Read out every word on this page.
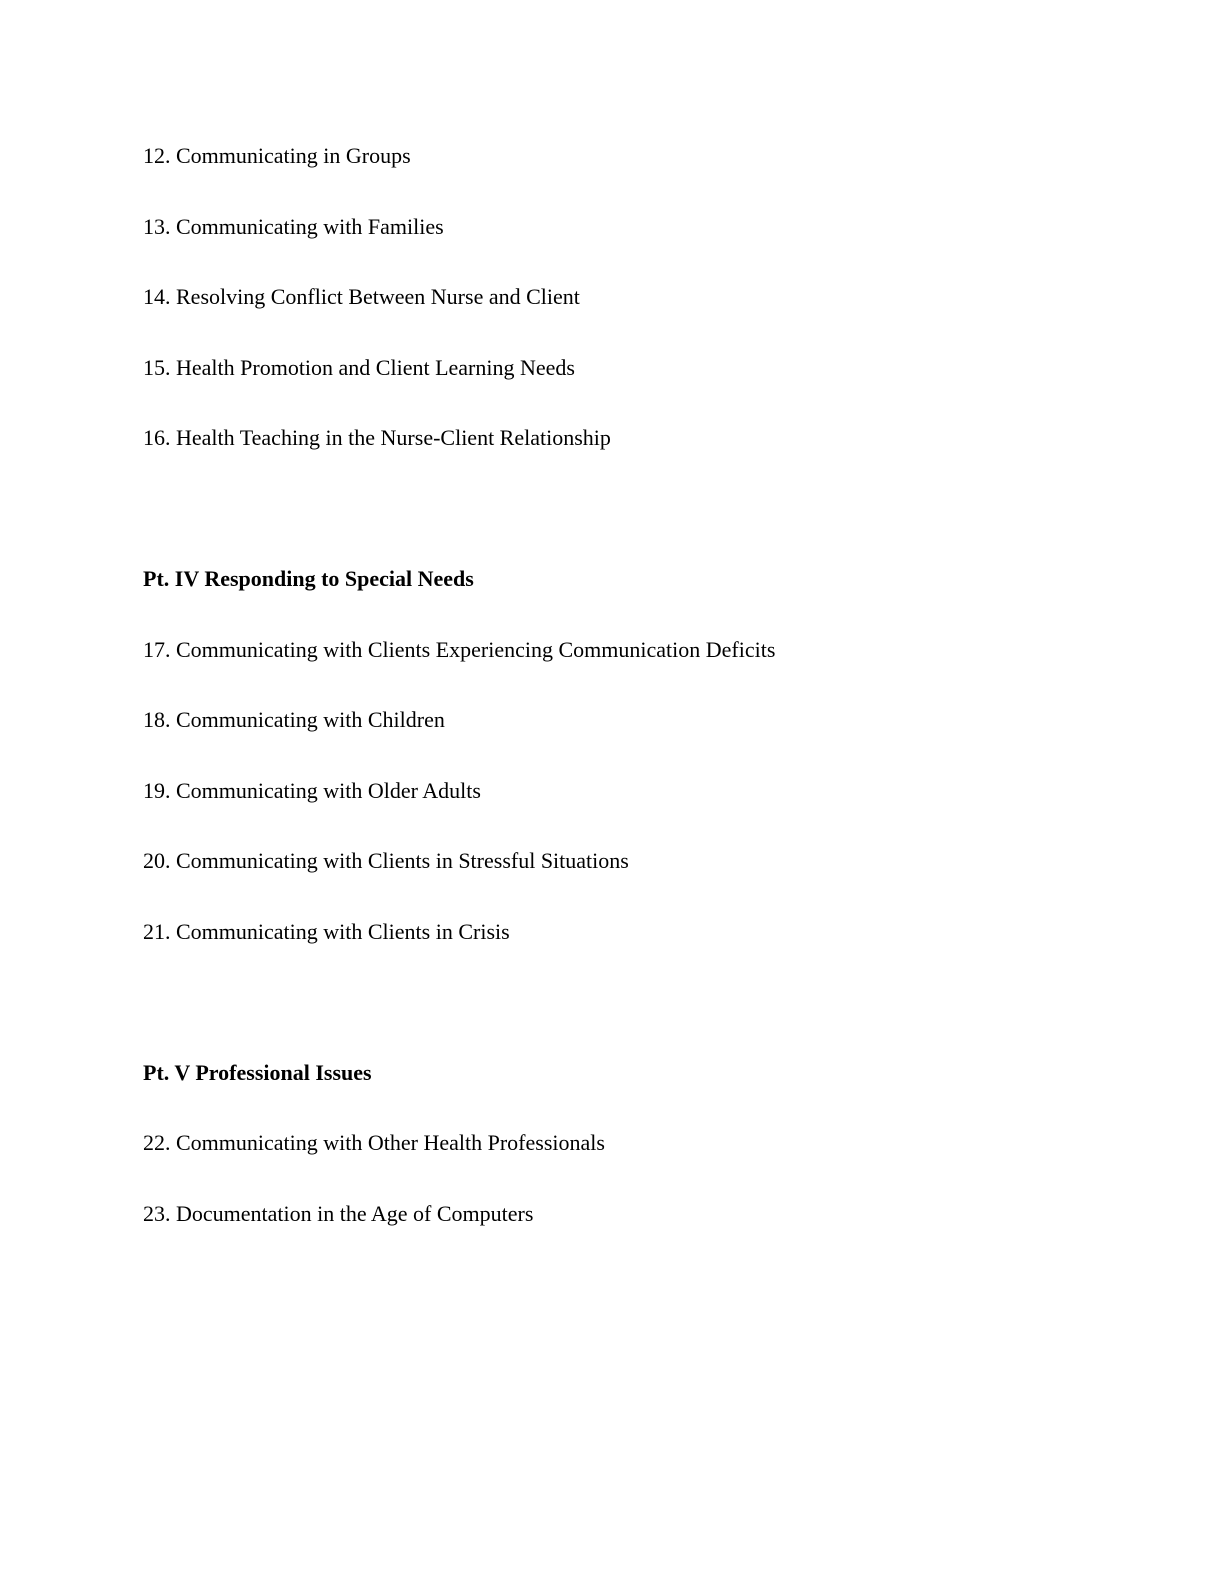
12. Communicating in Groups
13. Communicating with Families
14. Resolving Conflict Between Nurse and Client
15. Health Promotion and Client Learning Needs
16. Health Teaching in the Nurse-Client Relationship
Pt. IV Responding to Special Needs
17. Communicating with Clients Experiencing Communication Deficits
18. Communicating with Children
19. Communicating with Older Adults
20. Communicating with Clients in Stressful Situations
21. Communicating with Clients in Crisis
Pt. V Professional Issues
22. Communicating with Other Health Professionals
23. Documentation in the Age of Computers
